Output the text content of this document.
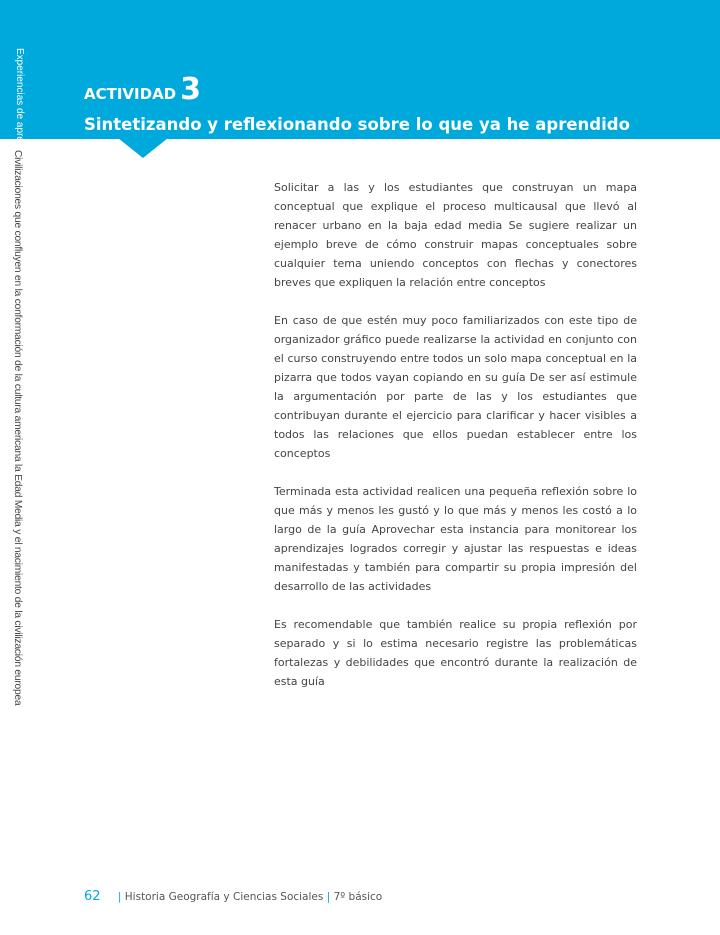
Experiencias de aprendizaje
Civilizaciones que confluyen en la conformación de la cultura americana la Edad Media y el nacimiento de la civilización europea
ACTIVIDAD 3
Sintetizando y reflexionando sobre lo que ya he aprendido

Solicitar a las y los estudiantes que construyan un mapa conceptual que explique el proceso multicausal que llevó al renacer urbano en la baja edad media Se sugiere realizar un ejemplo breve de cómo construir mapas conceptuales sobre cualquier tema uniendo conceptos con flechas y conectores breves que expliquen la relación entre conceptos

En caso de que estén muy poco familiarizados con este tipo de organizador gráfico puede realizarse la actividad en conjunto con el curso construyendo entre todos un solo mapa conceptual en la pizarra que todos vayan copiando en su guía De ser así estimule la argumentación por parte de las y los estudiantes que contribuyan durante el ejercicio para clarificar y hacer visibles a todos las relaciones que ellos puedan establecer entre los conceptos

Terminada esta actividad realicen una pequeña reflexión sobre lo que más y menos les gustó y lo que más y menos les costó a lo largo de la guía Aprovechar esta instancia para monitorear los aprendizajes logrados corregir y ajustar las respuestas e ideas manifestadas y también para compartir su propia impresión del desarrollo de las actividades

Es recomendable que también realice su propia reflexión por separado y si lo estima necesario registre las problemáticas fortalezas y debilidades que encontró durante la realización de esta guía

62 | Historia Geografía y Ciencias Sociales | 7º básico
